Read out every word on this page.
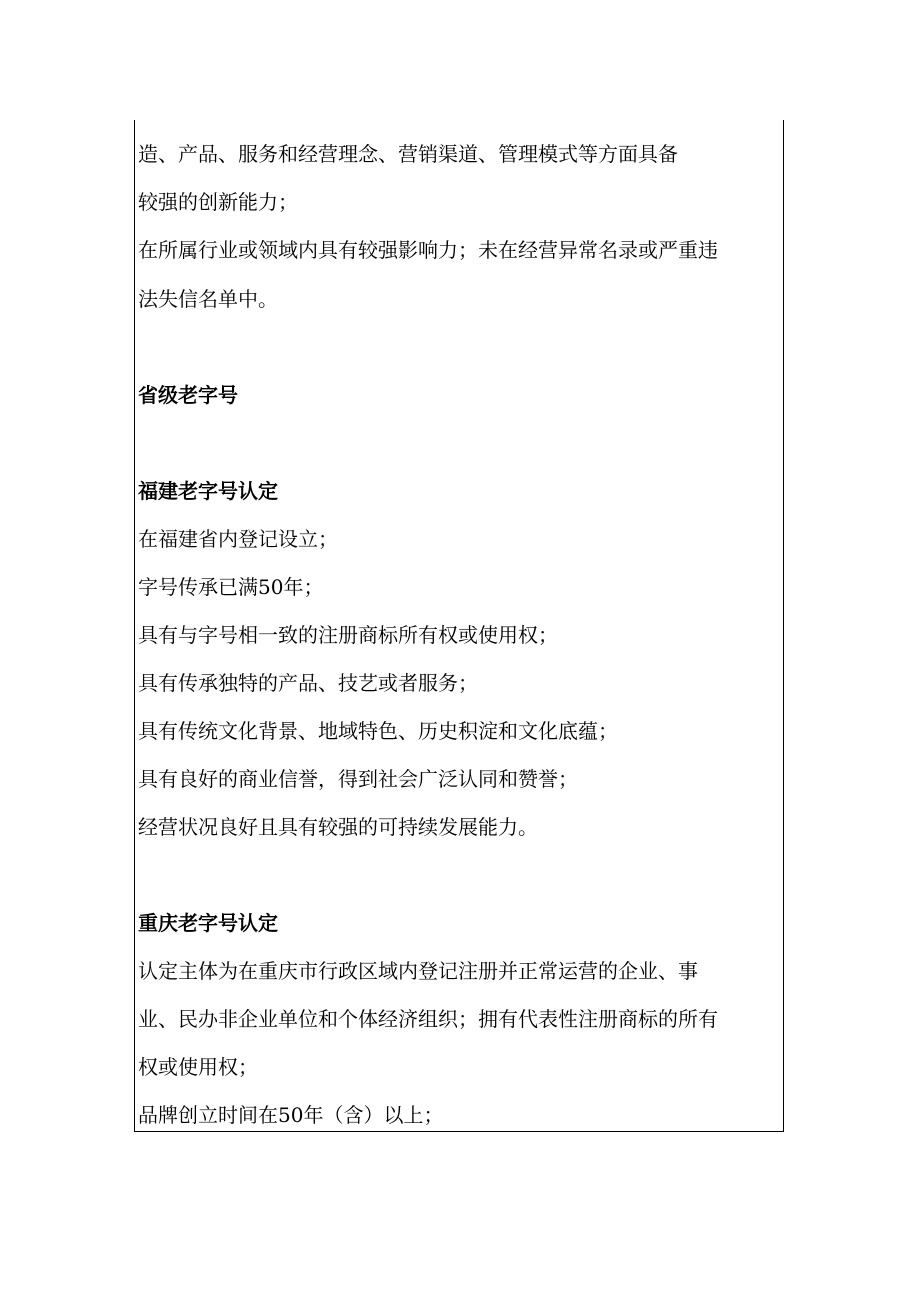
造、产品、服务和经营理念、营销渠道、管理模式等方面具备
较强的创新能力；
在所属行业或领域内具有较强影响力；未在经营异常名录或严重违
法失信名单中。
省级老字号
福建老字号认定
在福建省内登记设立；
字号传承已满50年；
具有与字号相一致的注册商标所有权或使用权；
具有传承独特的产品、技艺或者服务；
具有传统文化背景、地域特色、历史积淀和文化底蕴；
具有良好的商业信誉，得到社会广泛认同和赞誉；
经营状况良好且具有较强的可持续发展能力。
重庆老字号认定
认定主体为在重庆市行政区域内登记注册并正常运营的企业、事
业、民办非企业单位和个体经济组织；拥有代表性注册商标的所有
权或使用权；
品牌创立时间在50年（含）以上；
